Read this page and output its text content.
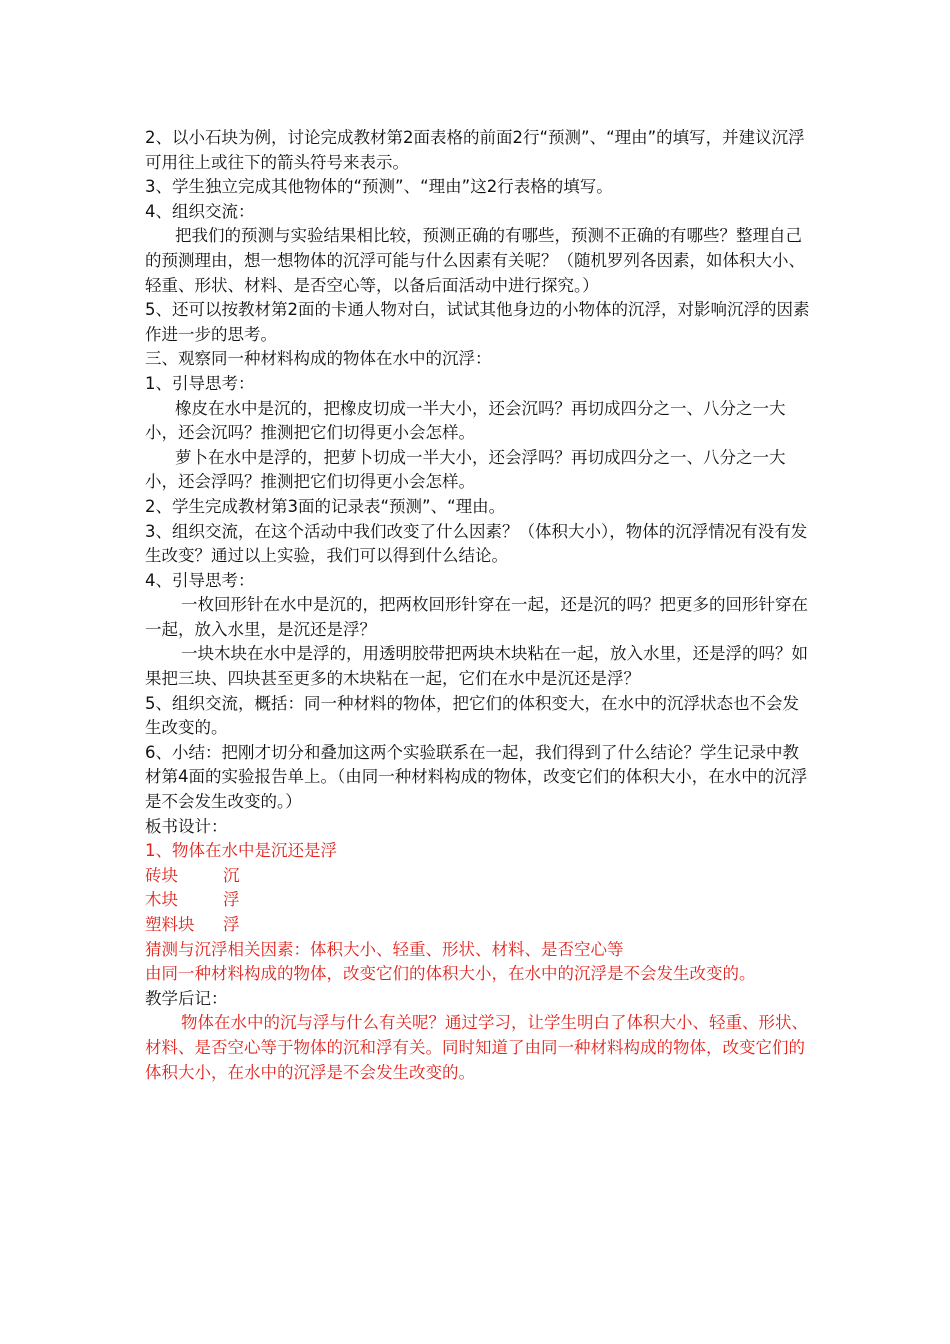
2、以小石块为例，讨论完成教材第2面表格的前面2行“预测”、“理由”的填写，并建议沉浮可用往上或往下的箭头符号来表示。

3、学生独立完成其他物体的“预测”、“理由”这2行表格的填写。

4、组织交流：

把我们的预测与实验结果相比较，预测正确的有哪些，预测不正确的有哪些？整理自己的预测理由，想一想物体的沉浮可能与什么因素有关呢？（随机罗列各因素，如体积大小、轻重、形状、材料、是否空心等，以备后面活动中进行探究。）

5、还可以按教材第2面的卡通人物对白，试试其他身边的小物体的沉浮，对影响沉浮的因素作进一步的思考。

三、观察同一种材料构成的物体在水中的沉浮：

1、引导思考：

橡皮在水中是沉的，把橡皮切成一半大小，还会沉吗？再切成四分之一、八分之一大小，还会沉吗？推测把它们切得更小会怎样。

萝卜在水中是浮的，把萝卜切成一半大小，还会浮吗？再切成四分之一、八分之一大小，还会浮吗？推测把它们切得更小会怎样。

2、学生完成教材第3面的记录表“预测”、“理由。

3、组织交流，在这个活动中我们改变了什么因素？（体积大小），物体的沉浮情况有没有发生改变？通过以上实验，我们可以得到什么结论。

4、引导思考：

一枚回形针在水中是沉的，把两枚回形针穿在一起，还是沉的吗？把更多的回形针穿在一起，放入水里，是沉还是浮？

一块木块在水中是浮的，用透明胶带把两块木块粘在一起，放入水里，还是浮的吗？如果把三块、四块甚至更多的木块粘在一起，它们在水中是沉还是浮？

5、组织交流，概括：同一种材料的物体，把它们的体积变大，在水中的沉浮状态也不会发生改变的。

6、小结：把刚才切分和叠加这两个实验联系在一起，我们得到了什么结论？学生记录中教材第4面的实验报告单上。（由同一种材料构成的物体，改变它们的体积大小，在水中的沉浮是不会发生改变的。）

板书设计：

1、物体在水中是沉还是浮

砖块	沉

木块	浮

塑料块	浮

猜测与沉浮相关因素：体积大小、轻重、形状、材料、是否空心等

由同一种材料构成的物体，改变它们的体积大小，在水中的沉浮是不会发生改变的。

教学后记：

物体在水中的沉与浮与什么有关呢？通过学习，让学生明白了体积大小、轻重、形状、材料、是否空心等于物体的沉和浮有关。同时知道了由同一种材料构成的物体，改变它们的体积大小，在水中的沉浮是不会发生改变的。
